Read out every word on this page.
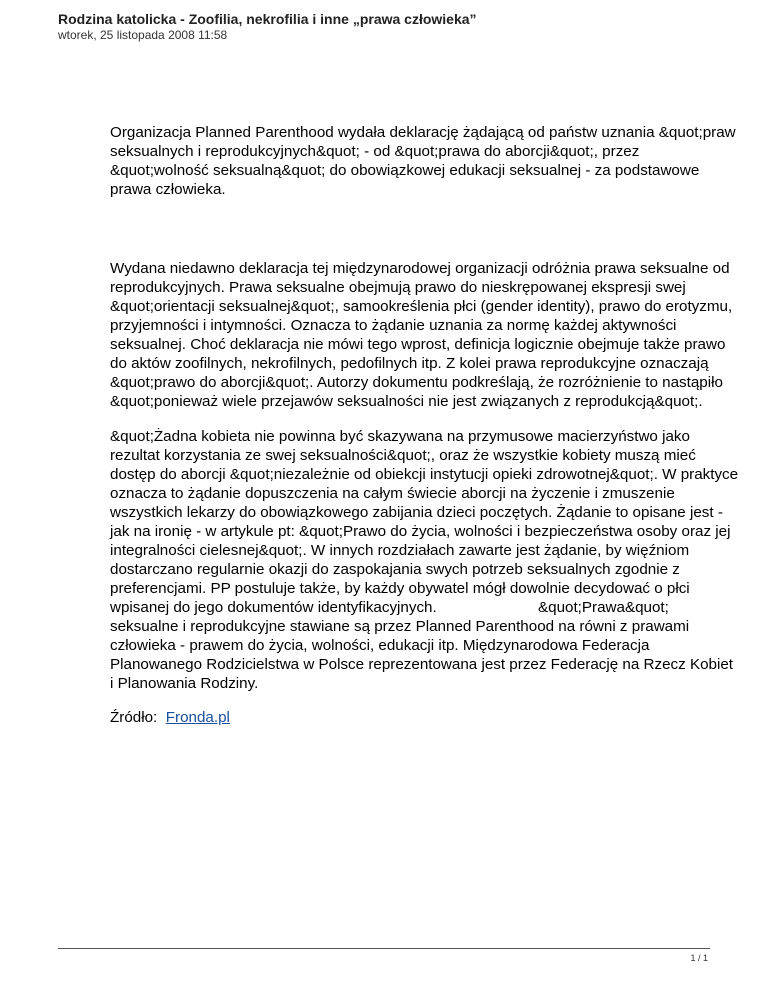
Rodzina katolicka - Zoofilia, nekrofilia i inne „prawa człowieka”
wtorek, 25 listopada 2008 11:58

Organizacja Planned Parenthood wydała deklarację żądającą od państw uznania &quot;praw seksualnych i reprodukcyjnych&quot; - od &quot;prawa do aborcji&quot;, przez &quot;wolność seksualną&quot; do obowiązkowej edukacji seksualnej - za podstawowe prawa człowieka.

Wydana niedawno deklaracja tej międzynarodowej organizacji odróżnia prawa seksualne od reprodukcyjnych. Prawa seksualne obejmują prawo do nieskrępowanej ekspresji swej &quot;orientacji seksualnej&quot;, samookreślenia płci (gender identity), prawo do erotyzmu, przyjemności i intymności. Oznacza to żądanie uznania za normę każdej aktywności seksualnej. Choć deklaracja nie mówi tego wprost, definicja logicznie obejmuje także prawo do aktów zoofilnych, nekrofilnych, pedofilnych itp. Z kolei prawa reprodukcyjne oznaczają &quot;prawo do aborcji&quot;. Autorzy dokumentu podkreślają, że rozróżnienie to nastąpiło &quot;ponieważ wiele przejawów seksualności nie jest związanych z reprodukcją&quot;.

&quot;Żadna kobieta nie powinna być skazywana na przymusowe macierzyństwo jako rezultat korzystania ze swej seksualności&quot;, oraz że wszystkie kobiety muszą mieć dostęp do aborcji &quot;niezależnie od obiekcji instytucji opieki zdrowotnej&quot;. W praktyce oznacza to żądanie dopuszczenia na całym świecie aborcji na życzenie i zmuszenie wszystkich lekarzy do obowiązkowego zabijania dzieci poczętych. Żądanie to opisane jest - jak na ironię - w artykule pt: &quot;Prawo do życia, wolności i bezpieczeństwa osoby oraz jej integralności cielesnej&quot;. W innych rozdziałach zawarte jest żądanie, by więźniom dostarczano regularnie okazji do zaspokajania swych potrzeb seksualnych zgodnie z preferencjami. PP postuluje także, by każdy obywatel mógł dowolnie decydować o płci wpisanej do jego dokumentów identyfikacyjnych.                        &quot;Prawa&quot; seksualne i reprodukcyjne stawiane są przez Planned Parenthood na równi z prawami człowieka - prawem do życia, wolności, edukacji itp. Międzynarodowa Federacja Planowanego Rodzicielstwa w Polsce reprezentowana jest przez Federację na Rzecz Kobiet i Planowania Rodziny.

Źródło:  Fronda.pl

1 / 1
